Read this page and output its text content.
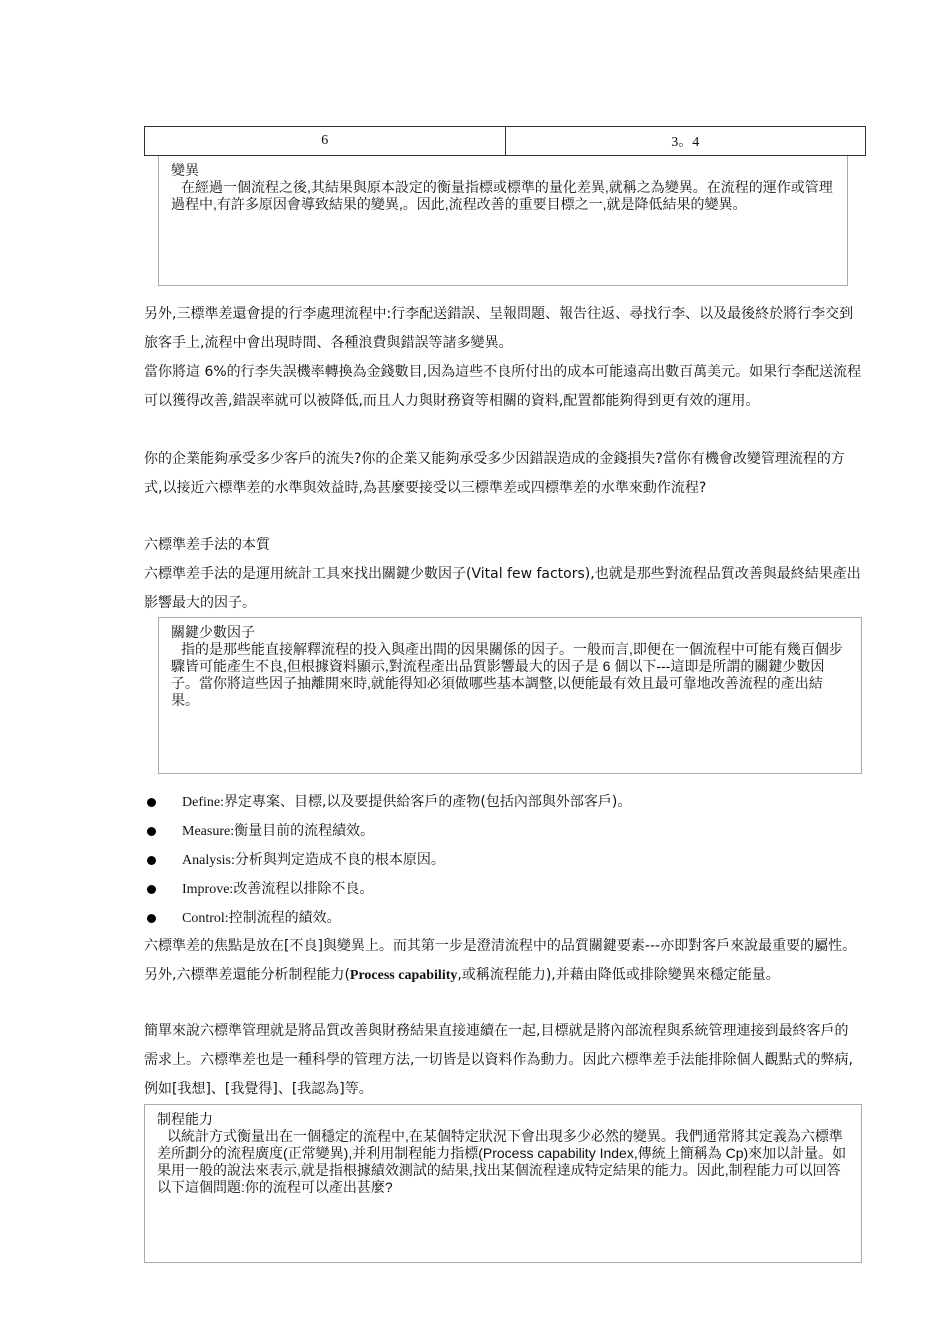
6	3。4
變異
在經過一個流程之後,其結果與原本設定的衡量指標或標準的量化差異,就稱之為變異。在流程的運作或管理過程中,有許多原因會導致結果的變異,。因此,流程改善的重要目標之一,就是降低結果的變異。
另外,三標準差還會提的行李處理流程中:行李配送錯誤、呈報問題、報告往返、尋找行李、以及最後終於將行李交到旅客手上,流程中會出現時間、各種浪費與錯誤等諸多變異。
當你將這 6%的行李失誤機率轉換為金錢數目,因為這些不良所付出的成本可能遠高出數百萬美元。如果行李配送流程可以獲得改善,錯誤率就可以被降低,而且人力與財務資等相關的資料,配置都能夠得到更有效的運用。
你的企業能夠承受多少客戶的流失?你的企業又能夠承受多少因錯誤造成的金錢損失?當你有機會改變管理流程的方式,以接近六標準差的水準與效益時,為甚麼要接受以三標準差或四標準差的水準來動作流程?
六標準差手法的本質
六標準差手法的是運用統計工具來找出關鍵少數因子(Vital few factors),也就是那些對流程品質改善與最終結果產出影響最大的因子。
關鍵少數因子
指的是那些能直接解釋流程的投入與產出間的因果關係的因子。一般而言,即便在一個流程中可能有幾百個步驟皆可能產生不良,但根據資料顯示,對流程產出品質影響最大的因子是 6 個以下---這即是所謂的關鍵少數因子。當你將這些因子抽離開來時,就能得知必須做哪些基本調整,以便能最有效且最可靠地改善流程的產出結果。
Define:界定專案、目標,以及要提供給客戶的產物(包括內部與外部客戶)。
Measure:衡量目前的流程績效。
Analysis:分析與判定造成不良的根本原因。
Improve:改善流程以排除不良。
Control:控制流程的績效。
六標準差的焦點是放在[不良]與變異上。而其第一步是澄清流程中的品質關鍵要素---亦即對客戶來說最重要的屬性。另外,六標準差還能分析制程能力(Process capability,或稱流程能力),并藉由降低或排除變異來穩定能量。
簡單來說六標準管理就是將品質改善與財務結果直接連續在一起,目標就是將內部流程與系統管理連接到最終客戶的需求上。六標準差也是一種科學的管理方法,一切皆是以資料作為動力。因此六標準差手法能排除個人觀點式的弊病,例如[我想]、[我覺得]、[我認為]等。
制程能力
以統計方式衡量出在一個穩定的流程中,在某個特定狀況下會出現多少必然的變異。我們通常將其定義為六標準差所劃分的流程廣度(正常變異),并利用制程能力指標(Process capability Index,傳統上簡稱為 Cp)來加以計量。如果用一般的說法來表示,就是指根據績效測試的結果,找出某個流程達成特定結果的能力。因此,制程能力可以回答以下這個問題:你的流程可以產出甚麼?
